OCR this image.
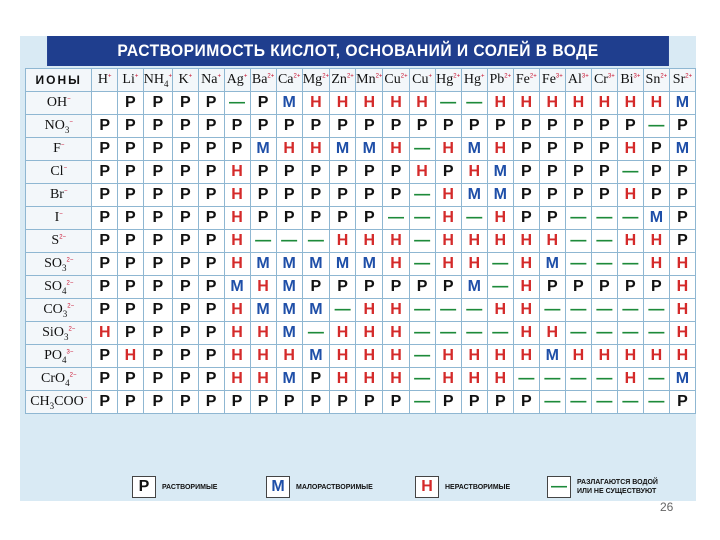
РАСТВОРИМОСТЬ КИСЛОТ, ОСНОВАНИЙ И СОЛЕЙ В ВОДЕ
ИОНЫ	H+	Li+	$NH_4^+$	K+	Na+	Ag+	$Ba^{2+}$	$Ca^{2+}$	$Mg^{2+}$	$Zn^{2+}$	$Mn^{2+}$	$Cu^{2+}$	Cu+	$Hg^{2+}$	Hg+	$Pb^{2+}$	$Fe^{2+}$	$Fe^{3+}$	$Al^{3+}$	$Cr^{3+}$	$Bi^{3+}$	$Sn^{2+}$	$Sr^{2+}$
OH−		P	P	P	P	—	P	M	H	H	H	H	H	—	—	H	H	H	H	H	H	H	M
$NO_3^-$	P	P	P	P	P	P	P	P	P	P	P	P	P	P	P	P	P	P	P	P	P	—	P
F−	P	P	P	P	P	P	M	H	H	M	M	H	—	H	M	H	P	P	P	P	H	P	M
Cl−	P	P	P	P	P	H	P	P	P	P	P	P	H	P	H	M	P	P	P	P	—	P	P
Br−	P	P	P	P	P	H	P	P	P	P	P	P	—	H	M	M	P	P	P	P	H	P	P
I−	P	P	P	P	P	H	P	P	P	P	P	—	—	H	—	H	P	P	—	—	—	M	P
$S^{2-}$	P	P	P	P	P	H	—	—	—	H	H	H	—	H	H	H	H	H	—	—	H	H	P
$SO_3^{2-}$	P	P	P	P	P	H	M	M	M	M	M	H	—	H	H	—	H	M	—	—	—	H	H
$SO_4^{2-}$	P	P	P	P	P	M	H	M	P	P	P	P	P	P	M	—	H	P	P	P	P	P	H
$CO_3^{2-}$	P	P	P	P	P	H	M	M	M	—	H	H	—	—	—	H	H	—	—	—	—	—	H
SiO$_3^{2-}$	H	P	P	P	P	H	H	M	—	H	H	H	—	—	—	—	H	H	—	—	—	—	H
$PO_4^{3-}$	P	H	P	P	P	H	H	H	M	H	H	H	—	H	H	H	H	M	H	H	H	H	H
CrO$_4^{2-}$	P	P	P	P	P	H	H	M	P	H	H	H	—	H	H	H	—	—	—	—	H	—	M
$CH_3COO^-$	P	P	P	P	P	P	P	P	P	P	P	P	—	P	P	P	P	—	—	—	—	—	P
P	РАСТВОРИМЫЕ	M	МАЛОРАСТВОРИМЫЕ	H	НЕРАСТВОРИМЫЕ	—	РАЗЛАГАЮТСЯ ВОДОЙ
ИЛИ НЕ СУЩЕСТВУЮТ
26
